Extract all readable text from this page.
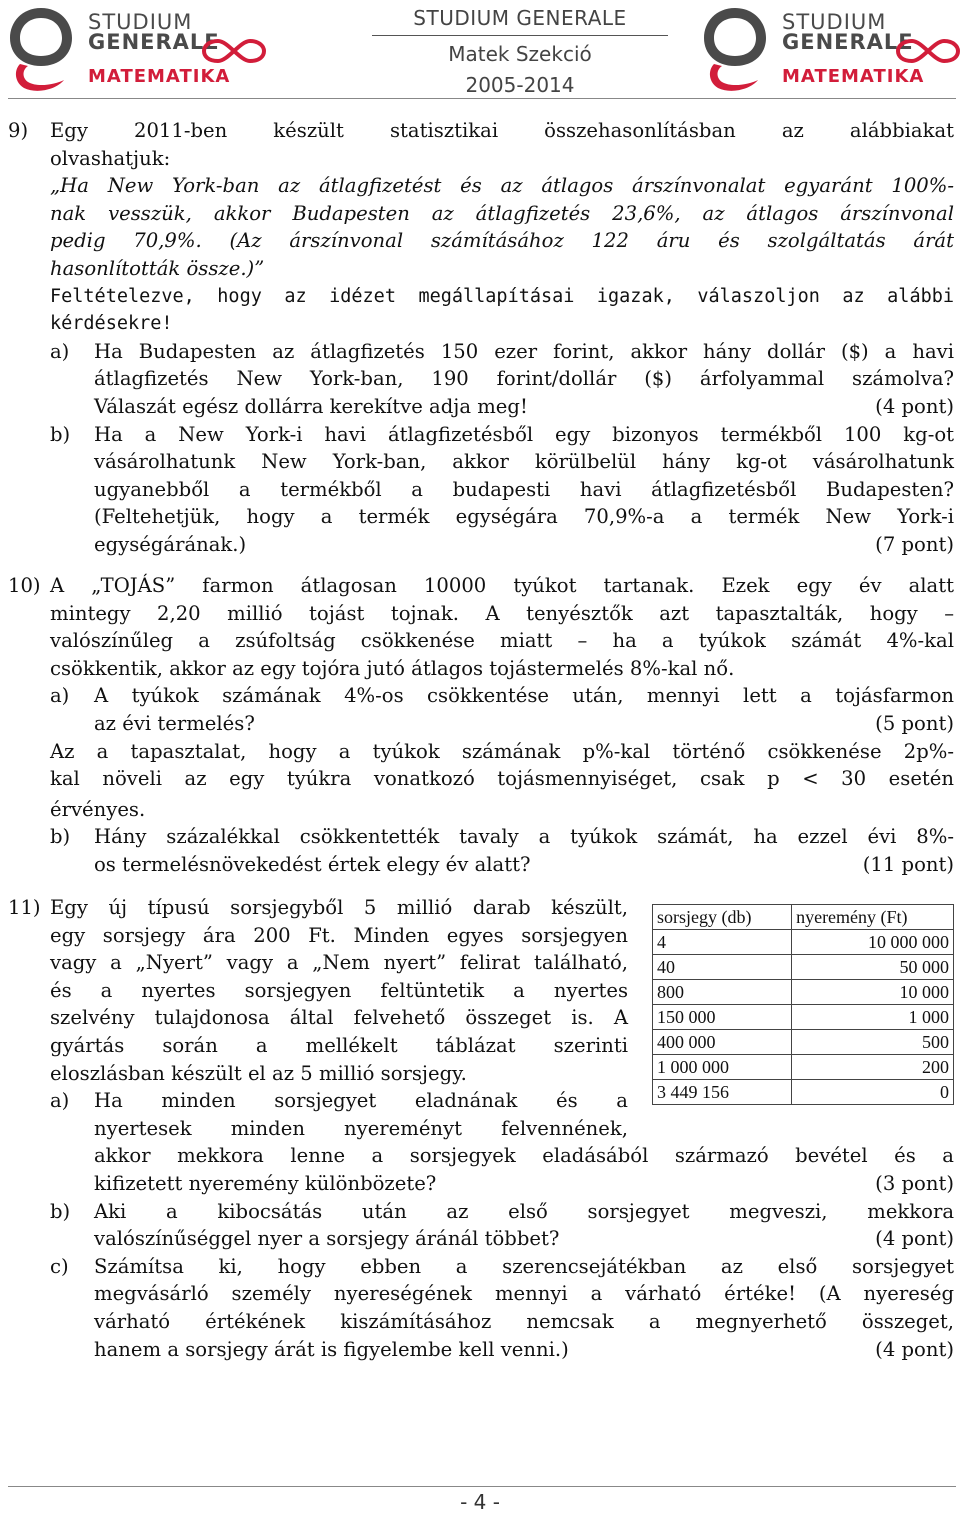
STUDIUM
GENERALE
MATEMATIKA
STUDIUM GENERALE
Matek Szekció
2005-2014
STUDIUM
GENERALE
MATEMATIKA
9)	Egy 2011-ben készült statisztikai összehasonlításban az alábbiakat
olvashatjuk:
„Ha New York-ban az átlagfizetést és az átlagos árszínvonalat egyaránt 100%-
nak vesszük, akkor Budapesten az átlagfizetés 23,6%, az átlagos árszínvonal
pedig 70,9%. (Az árszínvonal számításához 122 áru és szolgáltatás árát
hasonlították össze.)”
Feltételezve, hogy az idézet megállapításai igazak, válaszoljon az alábbi
kérdésekre!
a)	Ha Budapesten az átlagfizetés 150 ezer forint, akkor hány dollár ($) a havi
átlagfizetés New York-ban, 190 forint/dollár ($) árfolyammal számolva?
Válaszát egész dollárra kerekítve adja meg!	(4 pont)
b)	Ha a New York-i havi átlagfizetésből egy bizonyos termékből 100 kg-ot
vásárolhatunk New York-ban, akkor körülbelül hány kg-ot vásárolhatunk
ugyanebből a termékből a budapesti havi átlagfizetésből Budapesten?
(Feltehetjük, hogy a termék egységára 70,9%-a a termék New York-i
egységárának.)	(7 pont)
10) A „TOJÁS” farmon átlagosan 10000 tyúkot tartanak. Ezek egy év alatt
mintegy 2,20 millió tojást tojnak. A tenyésztők azt tapasztalták, hogy –
valószínűleg a zsúfoltság csökkenése miatt – ha a tyúkok számát 4%-kal
csökkentik, akkor az egy tojóra jutó átlagos tojástermelés 8%-kal nő.
a)	A tyúkok számának 4%-os csökkentése után, mennyi lett a tojásfarmon
az évi termelés?	(5 pont)
Az a tapasztalat, hogy a tyúkok számának p%-kal történő csökkenése 2p%-
kal növeli az egy tyúkra vonatkozó tojásmennyiséget, csak p < 30 esetén
érvényes.
b)	Hány százalékkal csökkentették tavaly a tyúkok számát, ha ezzel évi 8%-
os termelésnövekedést értek elegy év alatt?	(11 pont)
11) Egy új típusú sorsjegyből 5 millió darab készült,
egy sorsjegy ára 200 Ft. Minden egyes sorsjegyen
vagy a „Nyert” vagy a „Nem nyert” felirat található,
és a nyertes sorsjegyen feltüntetik a nyertes
szelvény tulajdonosa által felvehető összeget is. A
gyártás során a mellékelt táblázat szerinti
eloszlásban készült el az 5 millió sorsjegy.
a)	Ha minden sorsjegyet eladnának és a
nyertesek minden nyereményt felvennének,
akkor mekkora lenne a sorsjegyek eladásából származó bevétel és a
kifizetett nyeremény különbözete?	(3 pont)
b)	Aki a kibocsátás után az első sorsjegyet megveszi, mekkora
valószínűséggel nyer a sorsjegy áránál többet?	(4 pont)
c)	Számítsa ki, hogy ebben a szerencsejátékban az első sorsjegyet
megvásárló személy nyereségének mennyi a várható értéke! (A nyereség
várható értékének kiszámításához nemcsak a megnyerhető összeget,
hanem a sorsjegy árát is figyelembe kell venni.)	(4 pont)
sorsjegy (db)	nyeremény (Ft)
4	10 000 000
40	50 000
800	10 000
150 000	1 000
400 000	500
1 000 000	200
3 449 156	0
- 4 -
